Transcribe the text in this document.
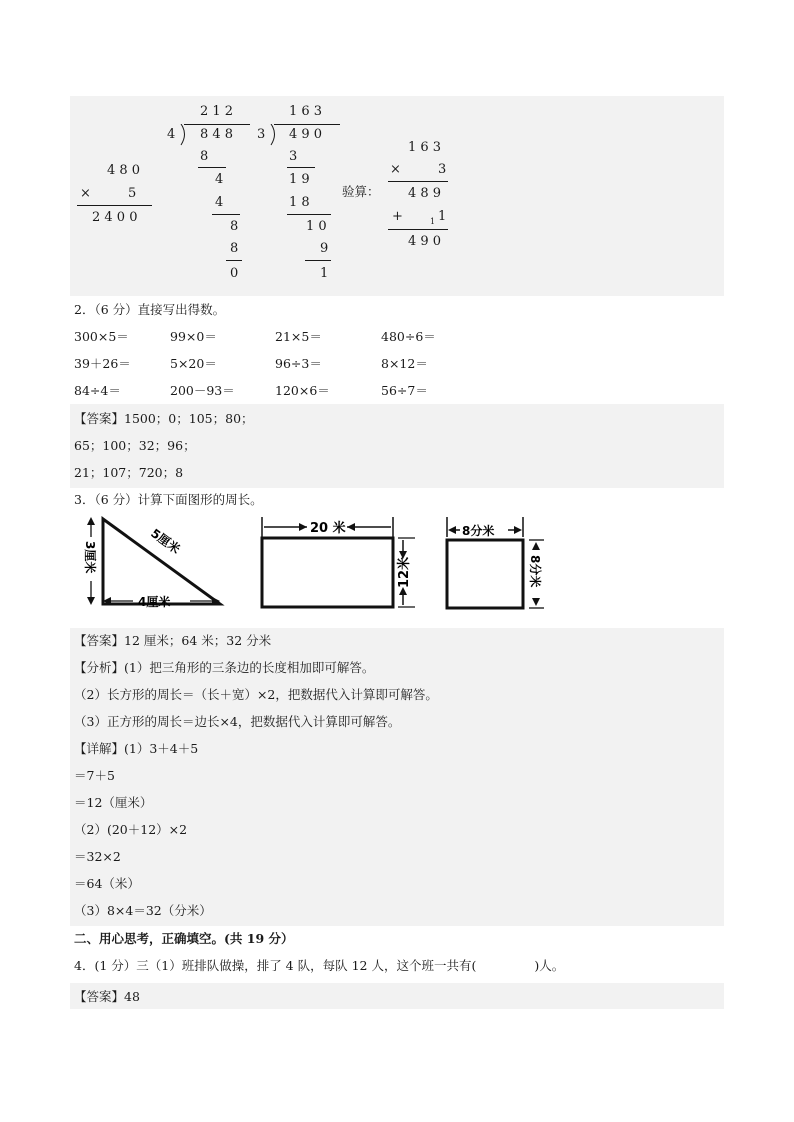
4 8 0
×	5
2 4 0 0
2 1 2
4 8 4 8
8
4
4
8
8
0
1 6 3
3 4 9 0
3
1 9
1 8
1 0
9
1
验算：
1 6 3
×	3
4 8 9
+	1 1
4 9 0
2．（6 分）直接写出得数。
300×5＝	99×0＝	21×5＝	480÷6＝
39＋26＝	5×20＝	96÷3＝	8×12＝
84÷4＝	200－93＝	120×6＝	56÷7＝
【答案】1500；0；105；80；
65；100；32；96；
21；107；720；8
3．（6 分）计算下面图形的周长。
3厘米	5厘米
4厘米
20 米
12米
8分米
8分米
【答案】12 厘米；64 米；32 分米
【分析】(1）把三角形的三条边的长度相加即可解答。
（2）长方形的周长＝（长＋宽）×2，把数据代入计算即可解答。
（3）正方形的周长＝边长×4，把数据代入计算即可解答。
【详解】(1）3＋4＋5
＝7＋5
＝12（厘米）
（2）(20＋12）×2
＝32×2
＝64（米）
（3）8×4＝32（分米）
二、用心思考，正确填空。(共 19 分）
4．(1 分）三（1）班排队做操，排了 4 队，每队 12 人，这个班一共有(	)人。
【答案】48
